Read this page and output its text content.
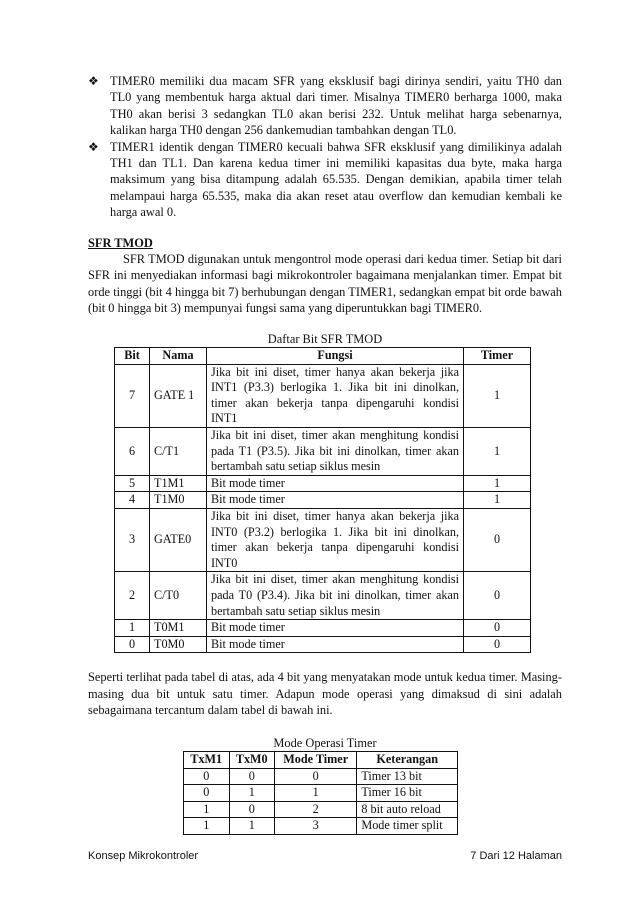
❖ TIMER0 memiliki dua macam SFR yang eksklusif bagi dirinya sendiri, yaitu TH0 dan TL0 yang membentuk harga aktual dari timer. Misalnya TIMER0 berharga 1000, maka TH0 akan berisi 3 sedangkan TL0 akan berisi 232. Untuk melihat harga sebenarnya, kalikan harga TH0 dengan 256 dankemudian tambahkan dengan TL0.
❖ TIMER1 identik dengan TIMER0 kecuali bahwa SFR eksklusif yang dimilikinya adalah TH1 dan TL1. Dan karena kedua timer ini memiliki kapasitas dua byte, maka harga maksimum yang bisa ditampung adalah 65.535. Dengan demikian, apabila timer telah melampaui harga 65.535, maka dia akan reset atau overflow dan kemudian kembali ke harga awal 0.
SFR TMOD

SFR TMOD digunakan untuk mengontrol mode operasi dari kedua timer. Setiap bit dari SFR ini menyediakan informasi bagi mikrokontroler bagaimana menjalankan timer. Empat bit orde tinggi (bit 4 hingga bit 7) berhubungan dengan TIMER1, sedangkan empat bit orde bawah (bit 0 hingga bit 3) mempunyai fungsi sama yang diperuntukkan bagi TIMER0.

Daftar Bit SFR TMOD
Bit	Nama	Fungsi	Timer
7	GATE 1	Jika bit ini diset, timer hanya akan bekerja jika INT1 (P3.3) berlogika 1. Jika bit ini dinolkan, timer akan bekerja tanpa dipengaruhi kondisi INT1	1
6	C/T1	Jika bit ini diset, timer akan menghitung kondisi pada T1 (P3.5). Jika bit ini dinolkan, timer akan bertambah satu setiap siklus mesin	1
5	T1M1	Bit mode timer	1
4	T1M0	Bit mode timer	1
3	GATE0	Jika bit ini diset, timer hanya akan bekerja jika INT0 (P3.2) berlogika 1. Jika bit ini dinolkan, timer akan bekerja tanpa dipengaruhi kondisi INT0	0
2	C/T0	Jika bit ini diset, timer akan menghitung kondisi pada T0 (P3.4). Jika bit ini dinolkan, timer akan bertambah satu setiap siklus mesin	0
1	T0M1	Bit mode timer	0
0	T0M0	Bit mode timer	0

Seperti terlihat pada tabel di atas, ada 4 bit yang menyatakan mode untuk kedua timer. Masing- masing dua bit untuk satu timer. Adapun mode operasi yang dimaksud di sini adalah sebagaimana tercantum dalam tabel di bawah ini.

Mode Operasi Timer
TxM1	TxM0	Mode Timer	Keterangan
0	0	0	Timer 13 bit
0	1	1	Timer 16 bit
1	0	2	8 bit auto reload
1	1	3	Mode timer split
Konsep Mikrokontroler	7 Dari 12 Halaman
